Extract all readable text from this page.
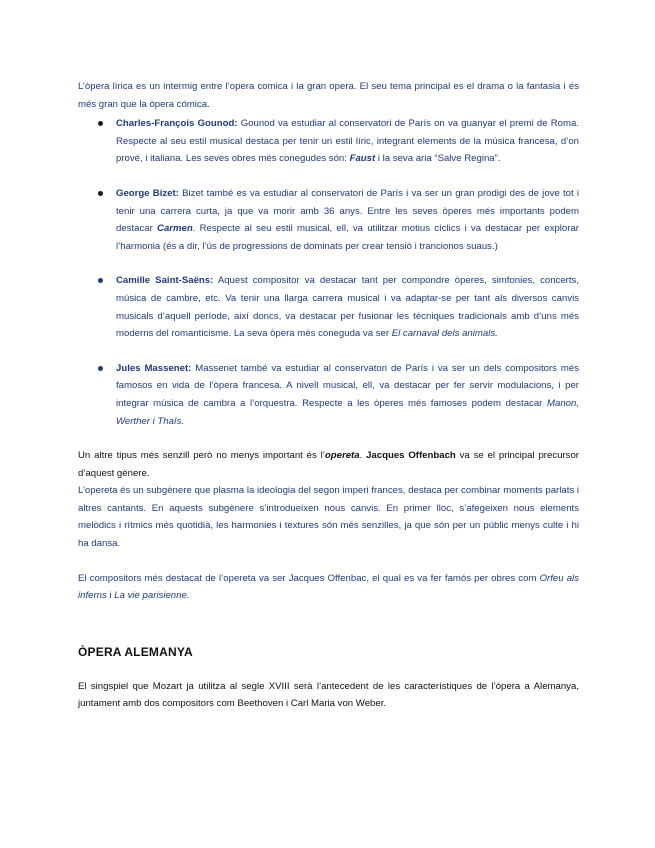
L’òpera lírica es un intermig entre l’opera comica i la gran opera. El seu tema principal es el drama o la fantasia i és més gran que la òpera cómica.

Charles-François Gounod: Gounod va estudiar al conservatori de París on va guanyar el premi de Roma. Respecte al seu estil musical destaca per tenir un estil líric, integrant elements de la música francesa, d’on prové, i italiana. Les seves obres més conegudes són: Faust i la seva aria “Salve Regina”.
George Bizet: Bizet també es va estudiar al conservatori de París i va ser un gran prodigi des de jove tot i tenir una carrera curta, ja que va morir amb 36 anys. Entre les seves òperes més importants podem destacar Carmen. Respecte al seu estil musical, ell, va utilitzar motius cíclics i va destacar per explorar l’harmonia (és a dir, l’ús de progressions de dominats per crear tensió i trancionos suaus.)
Camille Saint-Saëns: Aquest compositor va destacar tant per compondre òperes, simfonies, concerts, música de cambre, etc. Va tenir una llarga carrera musical i va adaptar-se per tant als diversos canvis musicals d’aquell període, així doncs, va destacar per fusionar les tècniques tradicionals amb d’uns més moderns del romanticisme. La seva òpera més coneguda va ser El carnaval dels animals.
Jules Massenet: Massenet també va estudiar al conservatori de París i va ser un dels compositors més famosos en vida de l’òpera francesa. A nivell musical, ell, va destacar per fer servir modulacions, i per integrar música de cambra a l’orquestra. Respecte a les òperes més famoses podem destacar Manon, Werther i Thaïs.

Un altre tipus més senzill però no menys important és l’opereta. Jacques Offenbach va se el principal precursor d’aquest gènere.

L’opereta és un subgènere que plasma la ideologia del segon imperi frances, destaca per combinar moments parlats i altres cantants. En aquests subgènere s’introdueixen nous canvis. En primer lloc, s’afegeixen nous elements melòdics i rítmics més quotidià, les harmonies i textures són més senzilles, ja que són per un públic menys culte i hi ha dansa.

El compositors més destacat de l’opereta va ser Jacques Offenbac, el qual es va fer famós per obres com Orfeu als inferns i La vie parisienne.

ÒPERA ALEMANYA

El singspiel que Mozart ja utilitza al segle XVIII serà l’antecedent de les característiques de l’òpera a Alemanya, juntament amb dos compositors com Beethoven i Carl Maria von Weber.
